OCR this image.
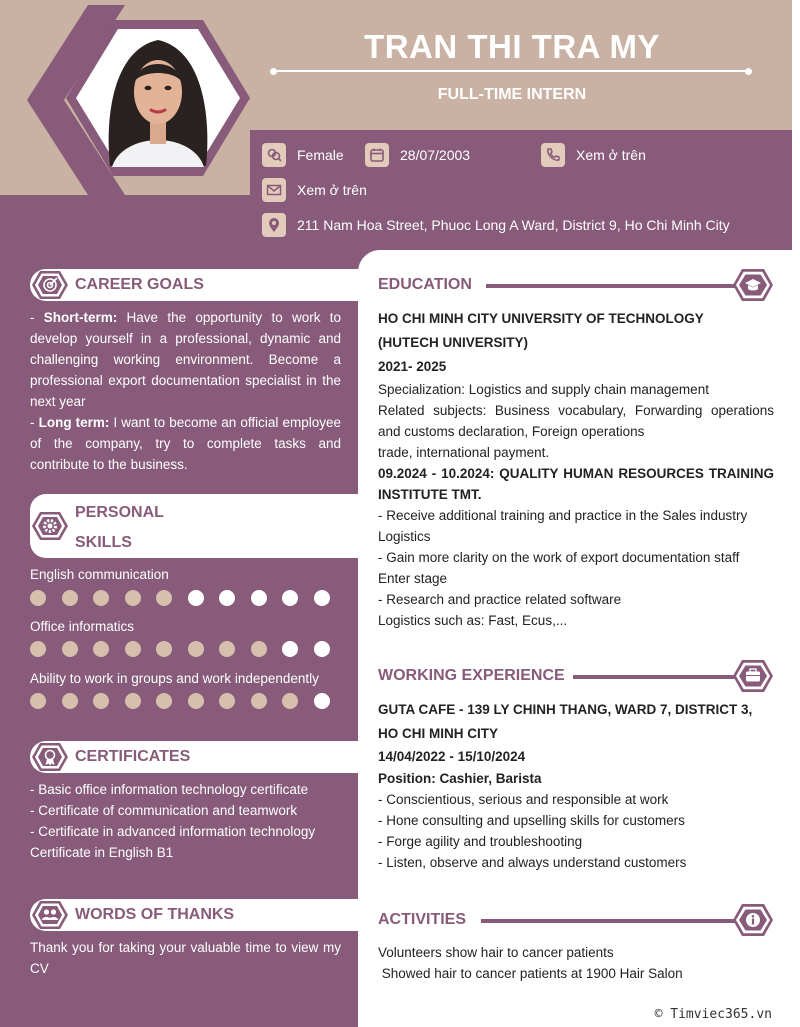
TRAN THI TRA MY
FULL-TIME INTERN
Female	28/07/2003	Xem ở trên
Xem ở trên
211 Nam Hoa Street, Phuoc Long A Ward, District 9, Ho Chi Minh City
CAREER GOALS
- Short-term: Have the opportunity to work to develop yourself in a professional, dynamic and challenging working environment. Become a professional export documentation specialist in the next year
- Long term: I want to become an official employee of the company, try to complete tasks and contribute to the business.
PERSONAL
SKILLS
English communication
Office informatics
Ability to work in groups and work independently
CERTIFICATES
- Basic office information technology certificate
- Certificate of communication and teamwork
- Certificate in advanced information technology
Certificate in English B1
WORDS OF THANKS
Thank you for taking your valuable time to view my CV
EDUCATION
HO CHI MINH CITY UNIVERSITY OF TECHNOLOGY
(HUTECH UNIVERSITY)
2021- 2025
Specialization: Logistics and supply chain management
Related subjects: Business vocabulary, Forwarding operations and customs declaration, Foreign operations
trade, international payment.
09.2024 - 10.2024: QUALITY HUMAN RESOURCES TRAINING INSTITUTE TMT.
- Receive additional training and practice in the Sales industry
Logistics
- Gain more clarity on the work of export documentation staff
Enter stage
- Research and practice related software
Logistics such as: Fast, Ecus,...
WORKING EXPERIENCE
GUTA CAFE - 139 LY CHINH THANG, WARD 7, DISTRICT 3,
HO CHI MINH CITY
14/04/2022 - 15/10/2024
Position: Cashier, Barista
- Conscientious, serious and responsible at work
- Hone consulting and upselling skills for customers
- Forge agility and troubleshooting
- Listen, observe and always understand customers
ACTIVITIES
Volunteers show hair to cancer patients
Showed hair to cancer patients at 1900 Hair Salon
© Timviec365.vn
